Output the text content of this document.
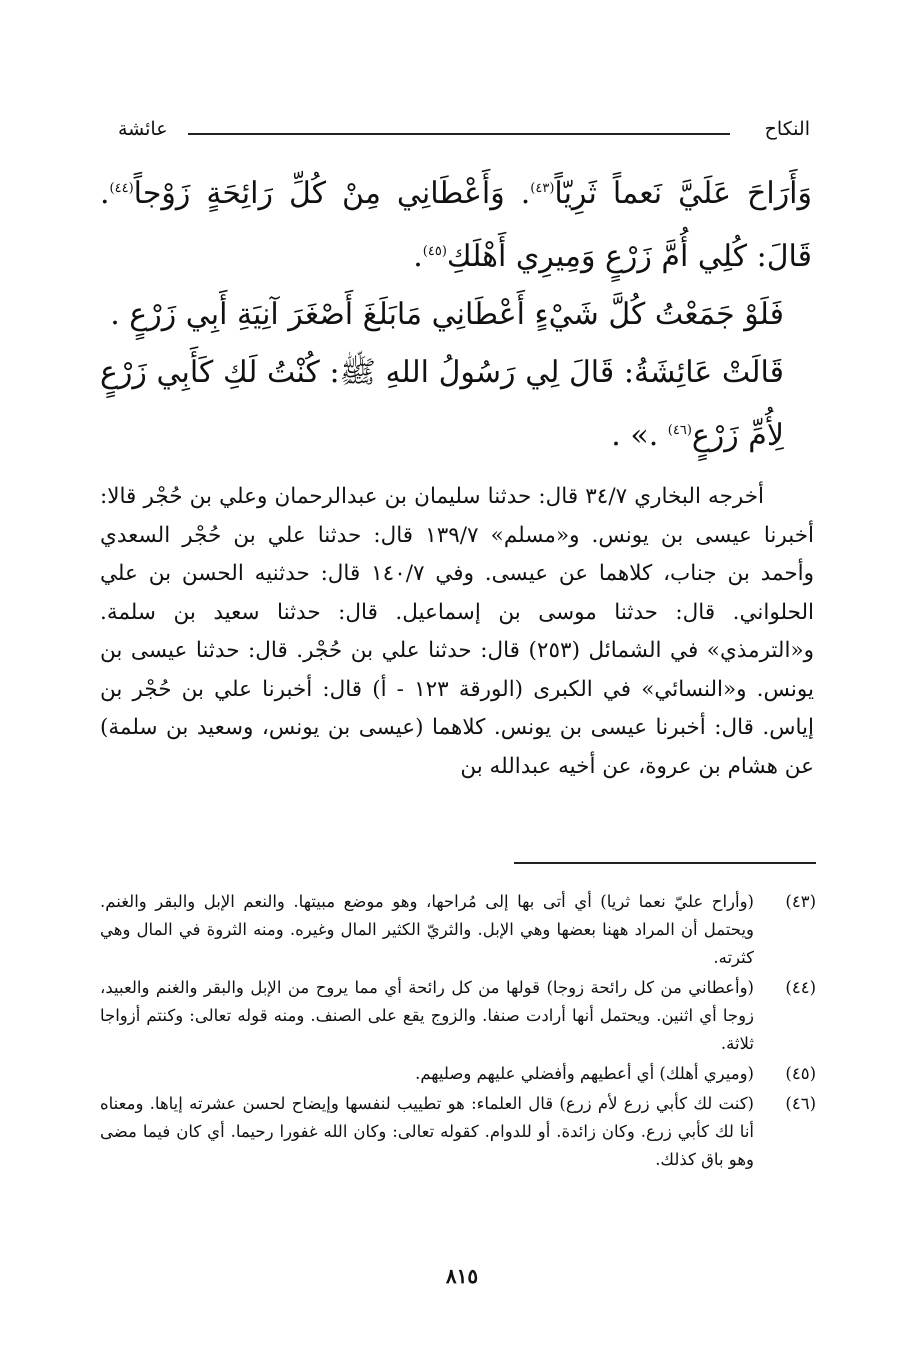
النكاح
عائشة

وَأَرَاحَ عَلَيَّ نَعماً ثَرِيّاً$^{(٤٣)}$. وَأَعْطَانِي مِنْ كُلِّ رَائِحَةٍ زَوْجاً$^{(٤٤)}$. قَالَ: كُلِي أُمَّ زَرْعٍ وَمِيرِي أَهْلَكِ$^{(٤٥)}$.

فَلَوْ جَمَعْتُ كُلَّ شَيْءٍ أَعْطَانِي مَابَلَغَ أَصْغَرَ آنِيَةِ أَبِي زَرْعٍ .

قَالَتْ عَائِشَةُ: قَالَ لِي رَسُولُ اللهِ ﷺ: كُنْتُ لَكِ كَأَبِي زَرْعٍ لِأُمِّ زَرْعٍ$^{(٤٦)}$ .» .

أخرجه البخاري ٣٤/٧ قال: حدثنا سليمان بن عبدالرحمان وعلي بن حُجْر قالا: أخبرنا عيسى بن يونس. و«مسلم» ١٣٩/٧ قال: حدثنا علي بن حُجْر السعدي وأحمد بن جناب، كلاهما عن عيسى. وفي ١٤٠/٧ قال: حدثنيه الحسن بن علي الحلواني. قال: حدثنا موسى بن إسماعيل. قال: حدثنا سعيد بن سلمة. و«الترمذي» في الشمائل (٢٥٣) قال: حدثنا علي بن حُجْر. قال: حدثنا عيسى بن يونس. و«النسائي» في الكبرى (الورقة ١٢٣ - أ) قال: أخبرنا علي بن حُجْر بن إياس. قال: أخبرنا عيسى بن يونس. كلاهما (عيسى بن يونس، وسعيد بن سلمة) عن هشام بن عروة، عن أخيه عبدالله بن

(٤٣)
(وأراح عليّ نعما ثريا) أي أتى بها إلى مُراحها، وهو موضع مبيتها. والنعم الإبل والبقر والغنم. ويحتمل أن المراد ههنا بعضها وهي الإبل. والثريّ الكثير المال وغيره. ومنه الثروة في المال وهي كثرته.
(٤٤)
(وأعطاني من كل رائحة زوجا) قولها من كل رائحة أي مما يروح من الإبل والبقر والغنم والعبيد، زوجا أي اثنين. ويحتمل أنها أرادت صنفا. والزوج يقع على الصنف. ومنه قوله تعالى: وكنتم أزواجا ثلاثة.
(٤٥)
(وميري أهلك) أي أعطيهم وأفضلي عليهم وصليهم.
(٤٦)
(كنت لك كأبي زرع لأم زرع) قال العلماء: هو تطييب لنفسها وإيضاح لحسن عشرته إياها. ومعناه أنا لك كأبي زرع. وكان زائدة. أو للدوام. كقوله تعالى: وكان الله غفورا رحيما. أي كان فيما مضى وهو باق كذلك.
٨١٥
